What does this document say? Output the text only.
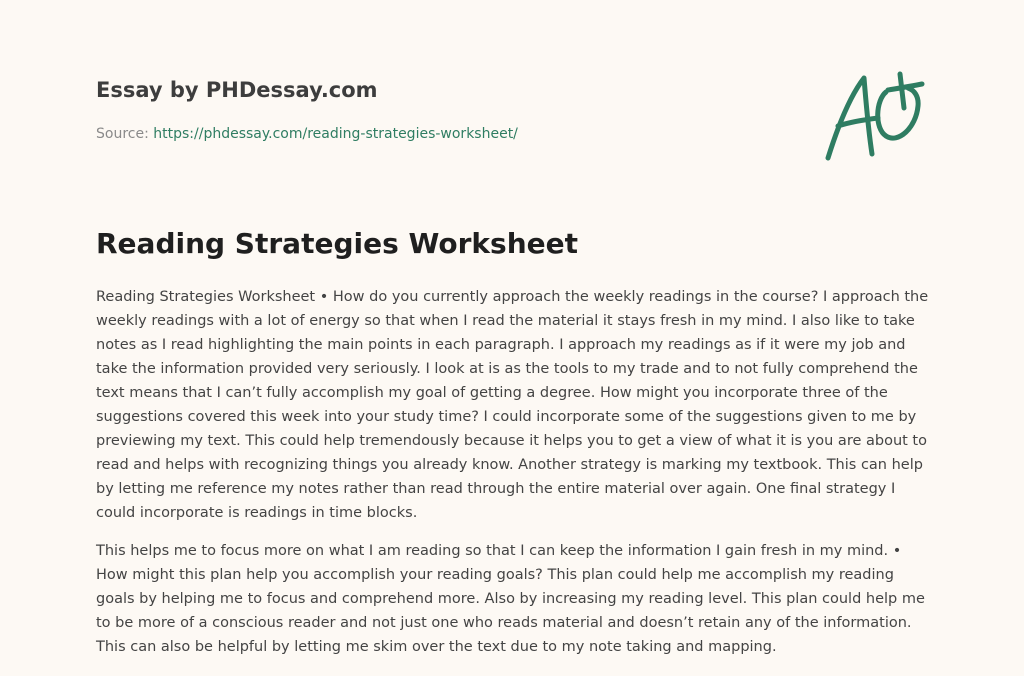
Essay by PHDessay.com
Source: https://phdessay.com/reading-strategies-worksheet/
Reading Strategies Worksheet

Reading Strategies Worksheet • How do you currently approach the weekly readings in the course? I approach the weekly readings with a lot of energy so that when I read the material it stays fresh in my mind. I also like to take notes as I read highlighting the main points in each paragraph. I approach my readings as if it were my job and take the information provided very seriously. I look at is as the tools to my trade and to not fully comprehend the text means that I can’t fully accomplish my goal of getting a degree. How might you incorporate three of the suggestions covered this week into your study time? I could incorporate some of the suggestions given to me by previewing my text. This could help tremendously because it helps you to get a view of what it is you are about to read and helps with recognizing things you already know. Another strategy is marking my textbook. This can help by letting me reference my notes rather than read through the entire material over again. One final strategy I could incorporate is readings in time blocks.

This helps me to focus more on what I am reading so that I can keep the information I gain fresh in my mind. • How might this plan help you accomplish your reading goals? This plan could help me accomplish my reading goals by helping me to focus and comprehend more. Also by increasing my reading level. This plan could help me to be more of a conscious reader and not just one who reads material and doesn’t retain any of the information. This can also be helpful by letting me skim over the text due to my note taking and mapping.
